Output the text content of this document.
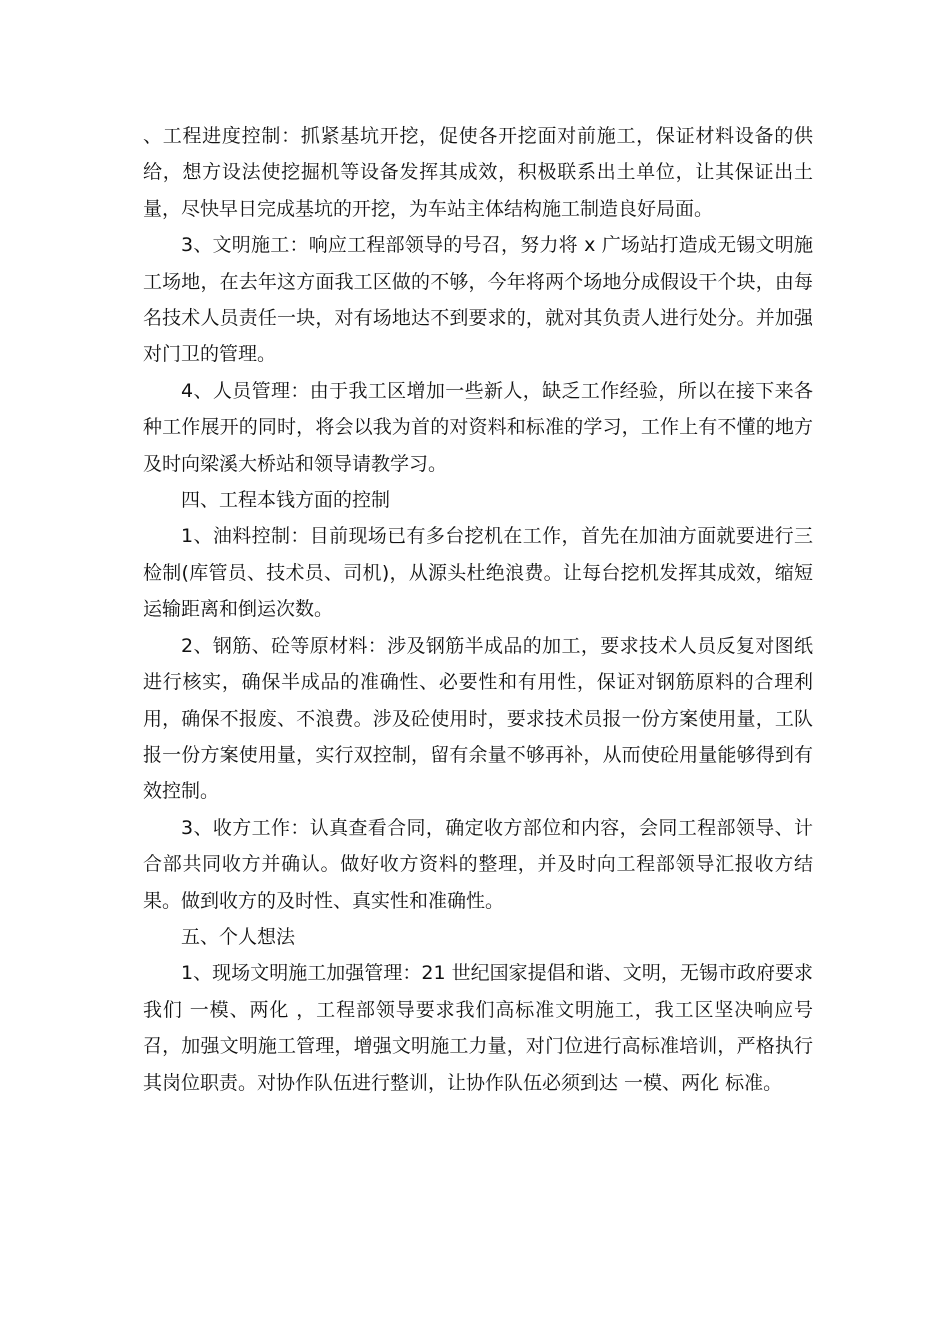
、工程进度控制：抓紧基坑开挖，促使各开挖面对前施工，保证材料设备的供给，想方设法使挖掘机等设备发挥其成效，积极联系出土单位，让其保证出土量，尽快早日完成基坑的开挖，为车站主体结构施工制造良好局面。

3、文明施工：响应工程部领导的号召，努力将 x 广场站打造成无锡文明施工场地，在去年这方面我工区做的不够，今年将两个场地分成假设干个块，由每名技术人员责任一块，对有场地达不到要求的，就对其负责人进行处分。并加强对门卫的管理。

4、人员管理：由于我工区增加一些新人，缺乏工作经验，所以在接下来各种工作展开的同时，将会以我为首的对资料和标准的学习，工作上有不懂的地方及时向梁溪大桥站和领导请教学习。

四、工程本钱方面的控制

1、油料控制：目前现场已有多台挖机在工作，首先在加油方面就要进行三检制(库管员、技术员、司机)，从源头杜绝浪费。让每台挖机发挥其成效，缩短运输距离和倒运次数。

2、钢筋、砼等原材料：涉及钢筋半成品的加工，要求技术人员反复对图纸进行核实，确保半成品的准确性、必要性和有用性，保证对钢筋原料的合理利用，确保不报废、不浪费。涉及砼使用时，要求技术员报一份方案使用量，工队报一份方案使用量，实行双控制，留有余量不够再补，从而使砼用量能够得到有效控制。

3、收方工作：认真查看合同，确定收方部位和内容，会同工程部领导、计合部共同收方并确认。做好收方资料的整理，并及时向工程部领导汇报收方结果。做到收方的及时性、真实性和准确性。

五、个人想法

1、现场文明施工加强管理：21 世纪国家提倡和谐、文明，无锡市政府要求我们 一模、两化 ，工程部领导要求我们高标准文明施工，我工区坚决响应号召，加强文明施工管理，增强文明施工力量，对门位进行高标准培训，严格执行其岗位职责。对协作队伍进行整训，让协作队伍必须到达 一模、两化 标准。
